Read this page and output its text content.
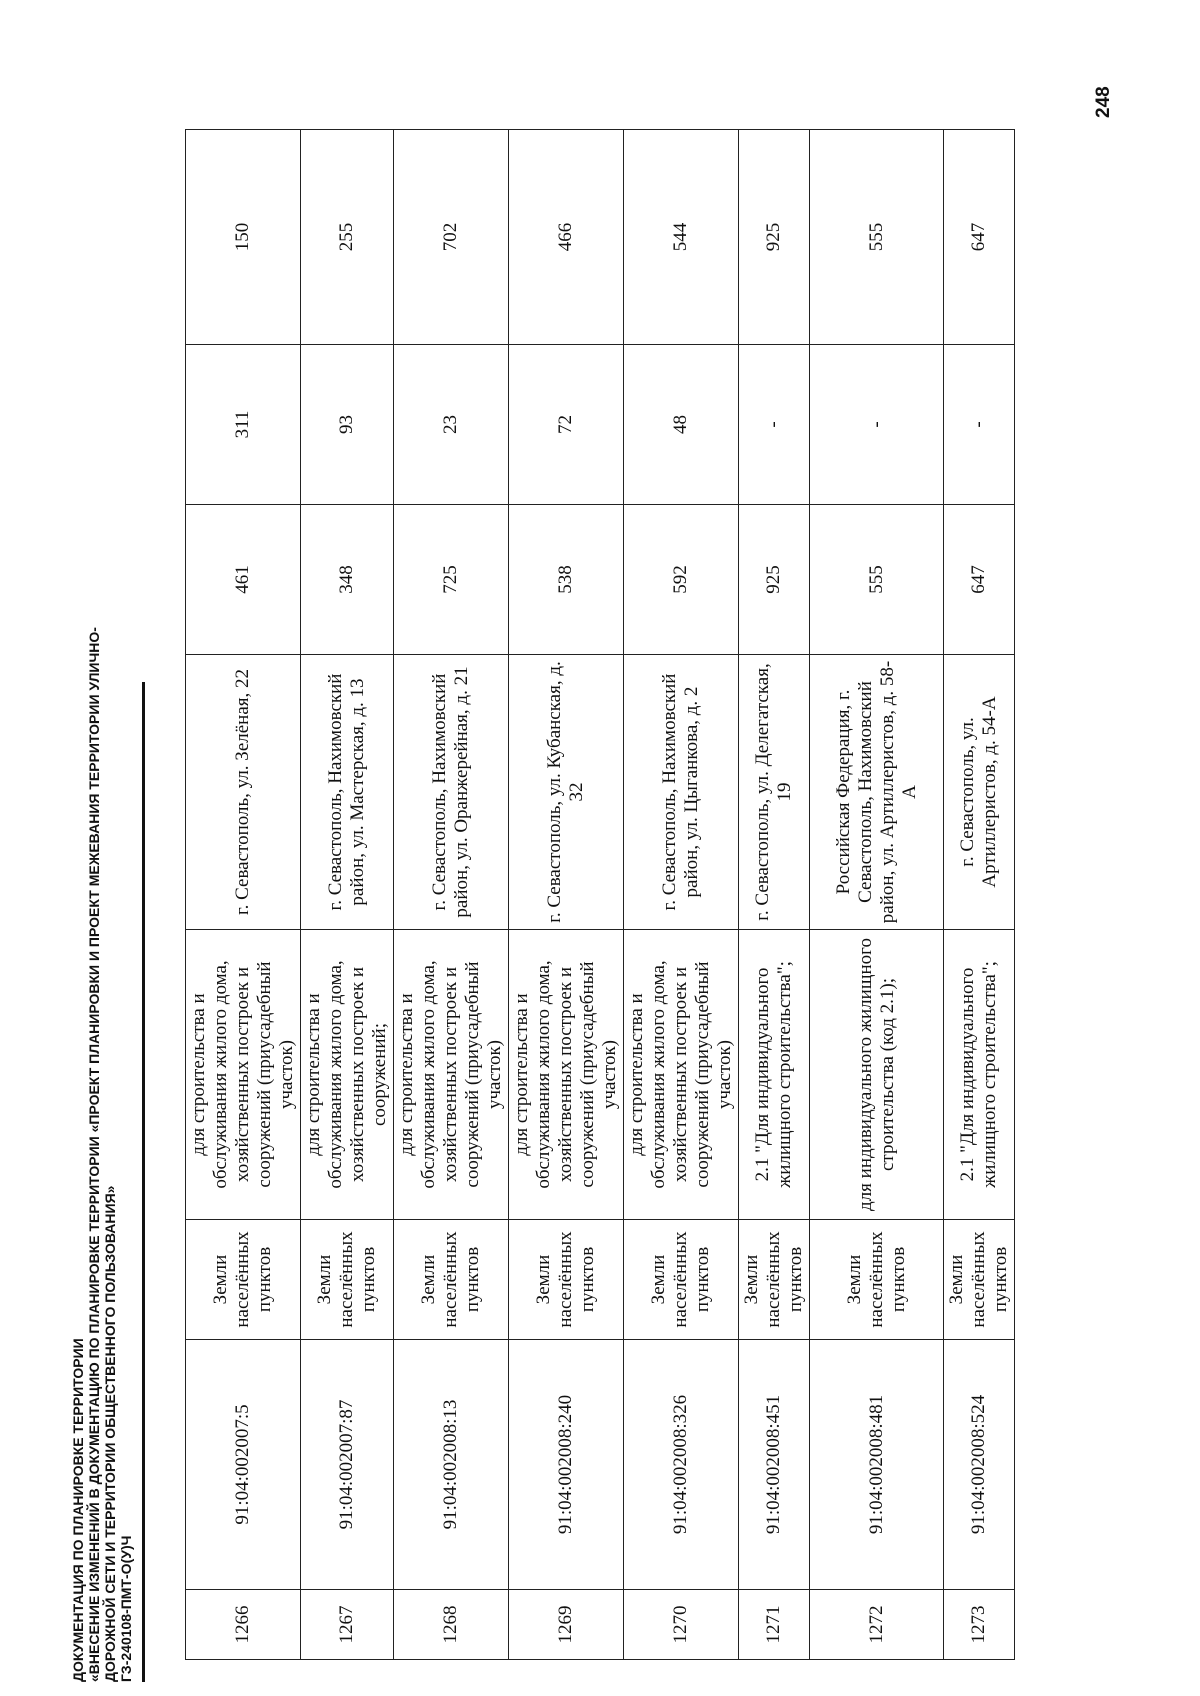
248
ДОКУМЕНТАЦИЯ ПО ПЛАНИРОВКЕ ТЕРРИТОРИИ «ВНЕСЕНИЕ ИЗМЕНЕНИЙ В ДОКУМЕНТАЦИЮ ПО ПЛАНИРОВКЕ ТЕРРИТОРИИ «ПРОЕКТ ПЛАНИРОВКИ И ПРОЕКТ МЕЖЕВАНИЯ ТЕРРИТОРИИ УЛИЧНО- ДОРОЖНОЙ СЕТИ И ТЕРРИТОРИИ ОБЩЕСТВЕННОГО ПОЛЬЗОВАНИЯ» ГЗ-240108-ПМТ-О(У)Ч	1266	91:04:002007:5	Земли населённых пунктов	для строительства и обслуживания жилого дома, хозяйственных построек и сооружений (приусадебный участок)	г. Севастополь, ул. Зелёная, 22	461	311	150
1267	91:04:002007:87	Земли населённых пунктов	для строительства и обслуживания жилого дома, хозяйственных построек и сооружений;	г. Севастополь, Нахимовский район, ул. Мастерская, д. 13	348	93	255
1268	91:04:002008:13	Земли населённых пунктов	для строительства и обслуживания жилого дома, хозяйственных построек и сооружений (приусадебный участок)	г. Севастополь, Нахимовский район, ул. Оранжерейная, д. 21	725	23	702
1269	91:04:002008:240	Земли населённых пунктов	для строительства и обслуживания жилого дома, хозяйственных построек и сооружений (приусадебный участок)	г. Севастополь, ул. Кубанская, д. 32	538	72	466
1270	91:04:002008:326	Земли населённых пунктов	для строительства и обслуживания жилого дома, хозяйственных построек и сооружений (приусадебный участок)	г. Севастополь, Нахимовский район, ул. Цыганкова, д. 2	592	48	544
1271	91:04:002008:451	Земли населённых пунктов	2.1 "Для индивидуального жилищного строительства";	г. Севастополь, ул. Делегатская, 19	925	-	925
1272	91:04:002008:481	Земли населённых пунктов	для индивидуального жилищного строительства (код 2.1);	Российская Федерация, г. Севастополь, Нахимовский район, ул. Артиллеристов, д. 58-А	555	-	555
1273	91:04:002008:524	Земли населённых пунктов	2.1 "Для индивидуального жилищного строительства";	г. Севастополь, ул. Артиллеристов, д. 54-А	647	-	647
